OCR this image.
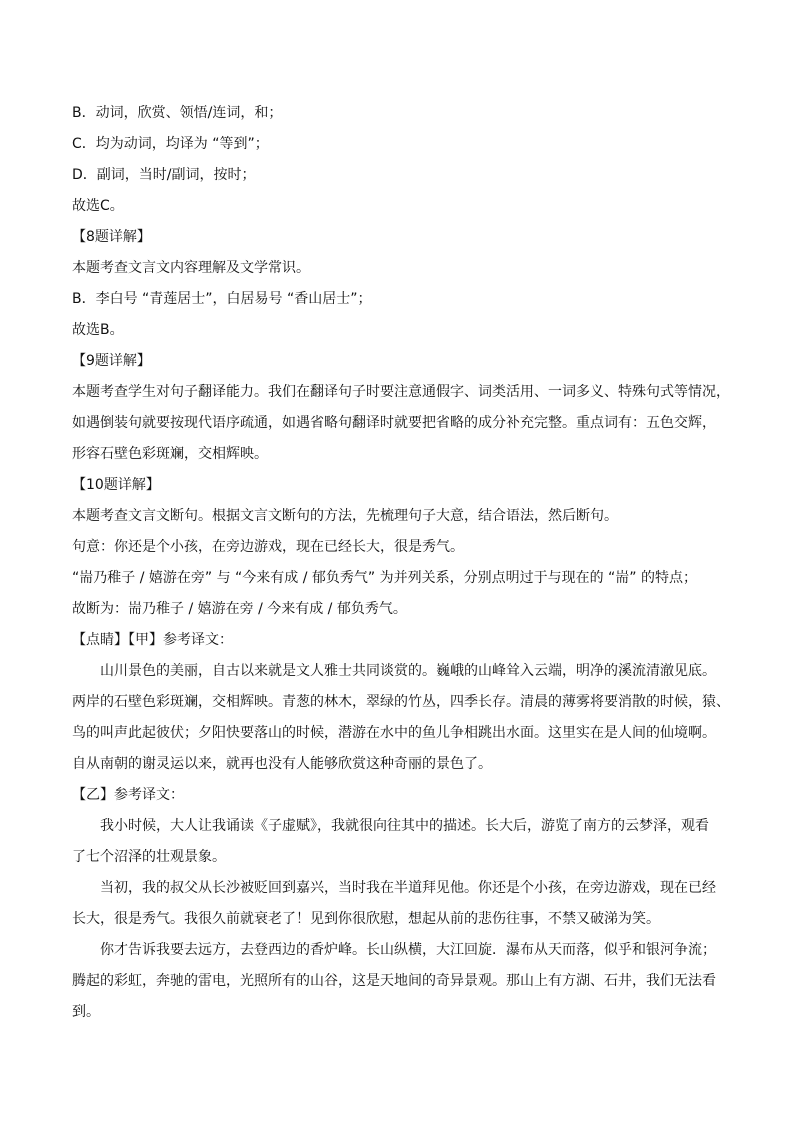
B．动词，欣赏、领悟/连词，和；
C．均为动词，均译为 “等到”；
D．副词，当时/副词，按时；
故选C。
【8题详解】
本题考查文言文内容理解及文学常识。
B．李白号 “青莲居士”，白居易号 “香山居士”；
故选B。
【9题详解】
本题考查学生对句子翻译能力。我们在翻译句子时要注意通假字、词类活用、一词多义、特殊句式等情况，
如遇倒装句就要按现代语序疏通，如遇省略句翻译时就要把省略的成分补充完整。重点词有：五色交辉，
形容石壁色彩斑斓，交相辉映。
【10题详解】
本题考查文言文断句。根据文言文断句的方法，先梳理句子大意，结合语法，然后断句。
句意：你还是个小孩，在旁边游戏，现在已经长大，很是秀气。
“耑乃稚子 / 嬉游在旁” 与 “今来有成 / 郁负秀气” 为并列关系，分别点明过于与现在的 “耑” 的特点；
故断为：耑乃稚子 / 嬉游在旁 / 今来有成 / 郁负秀气。
【点睛】【甲】参考译文：
山川景色的美丽，自古以来就是文人雅士共同谈赏的。巍峨的山峰耸入云端，明净的溪流清澈见底。
两岸的石壁色彩斑斓，交相辉映。青葱的林木，翠绿的竹丛，四季长存。清晨的薄雾将要消散的时候，猿、
鸟的叫声此起彼伏；夕阳快要落山的时候，潜游在水中的鱼儿争相跳出水面。这里实在是人间的仙境啊。
自从南朝的谢灵运以来，就再也没有人能够欣赏这种奇丽的景色了。
【乙】参考译文：
我小时候，大人让我诵读《子虚赋》，我就很向往其中的描述。长大后，游览了南方的云梦泽，观看
了七个沼泽的壮观景象。
当初，我的叔父从长沙被贬回到嘉兴，当时我在半道拜见他。你还是个小孩，在旁边游戏，现在已经
长大，很是秀气。我很久前就衰老了！见到你很欣慰，想起从前的悲伤往事，不禁又破涕为笑。
你才告诉我要去远方，去登西边的香炉峰。长山纵横，大江回旋．瀑布从天而落，似乎和银河争流；
腾起的彩虹，奔驰的雷电，光照所有的山谷，这是天地间的奇异景观。那山上有方湖、石井，我们无法看
到。
